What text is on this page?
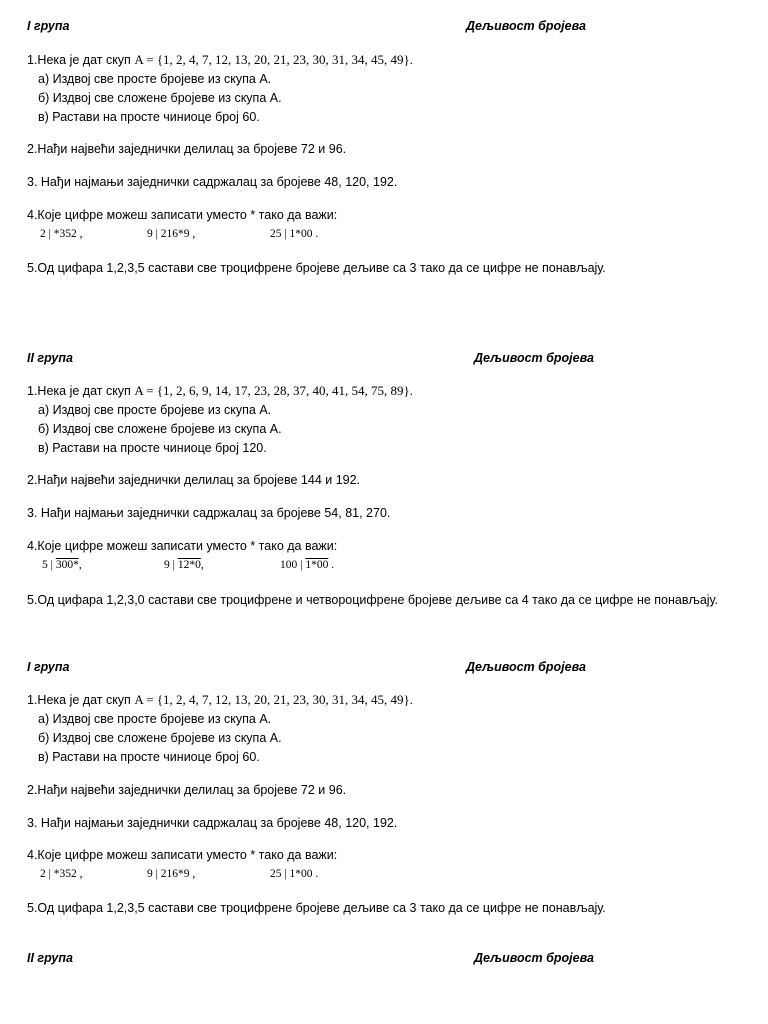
I група	Дељивост бројева
1.Нека је дат скуп A = {1, 2, 4, 7, 12, 13, 20, 21, 23, 30, 31, 34, 45, 49}.
а) Издвој све просте бројеве из скупа A.
б) Издвој све сложене бројеве из скупа A.
в) Растави на просте чиниоце број 60.
2.Нађи највећи заједнички делилац за бројеве 72 и 96.
3. Нађи најмањи заједнички садржалац за бројеве 48, 120, 192.
4.Које цифре можеш записати уместо * тако да важи:
2 | *352 ,	9 | 216*9 ,	25 | 1*00 .
5.Од цифара 1,2,3,5 састави све троцифрене бројеве дељиве са 3 тако да се цифре не понављају.
II група	Дељивост бројева
1.Нека је дат скуп A = {1, 2, 6, 9, 14, 17, 23, 28, 37, 40, 41, 54, 75, 89}.
а) Издвој све просте бројеве из скупа A.
б) Издвој све сложене бројеве из скупа A.
в) Растави на просте чиниоце број 120.
2.Нађи највећи заједнички делилац за бројеве 144 и 192.
3. Нађи најмањи заједнички садржалац за бројеве 54, 81, 270.
4.Које цифре можеш записати уместо * тако да важи:
5 | 300*,	9 | 12*0,	100 | 1*00 .
5.Од цифара 1,2,3,0 састави све троцифрене и четвороцифрене бројеве дељиве са 4 тако да се цифре не понављају.
I група	Дељивост бројева
1.Нека је дат скуп A = {1, 2, 4, 7, 12, 13, 20, 21, 23, 30, 31, 34, 45, 49}.
а) Издвој све просте бројеве из скупа A.
б) Издвој све сложене бројеве из скупа A.
в) Растави на просте чиниоце број 60.
2.Нађи највећи заједнички делилац за бројеве 72 и 96.
3. Нађи најмањи заједнички садржалац за бројеве 48, 120, 192.
4.Које цифре можеш записати уместо * тако да важи:
2 | *352 ,	9 | 216*9 ,	25 | 1*00 .
5.Од цифара 1,2,3,5 састави све троцифрене бројеве дељиве са 3 тако да се цифре не понављају.
II група	Дељивост бројева
